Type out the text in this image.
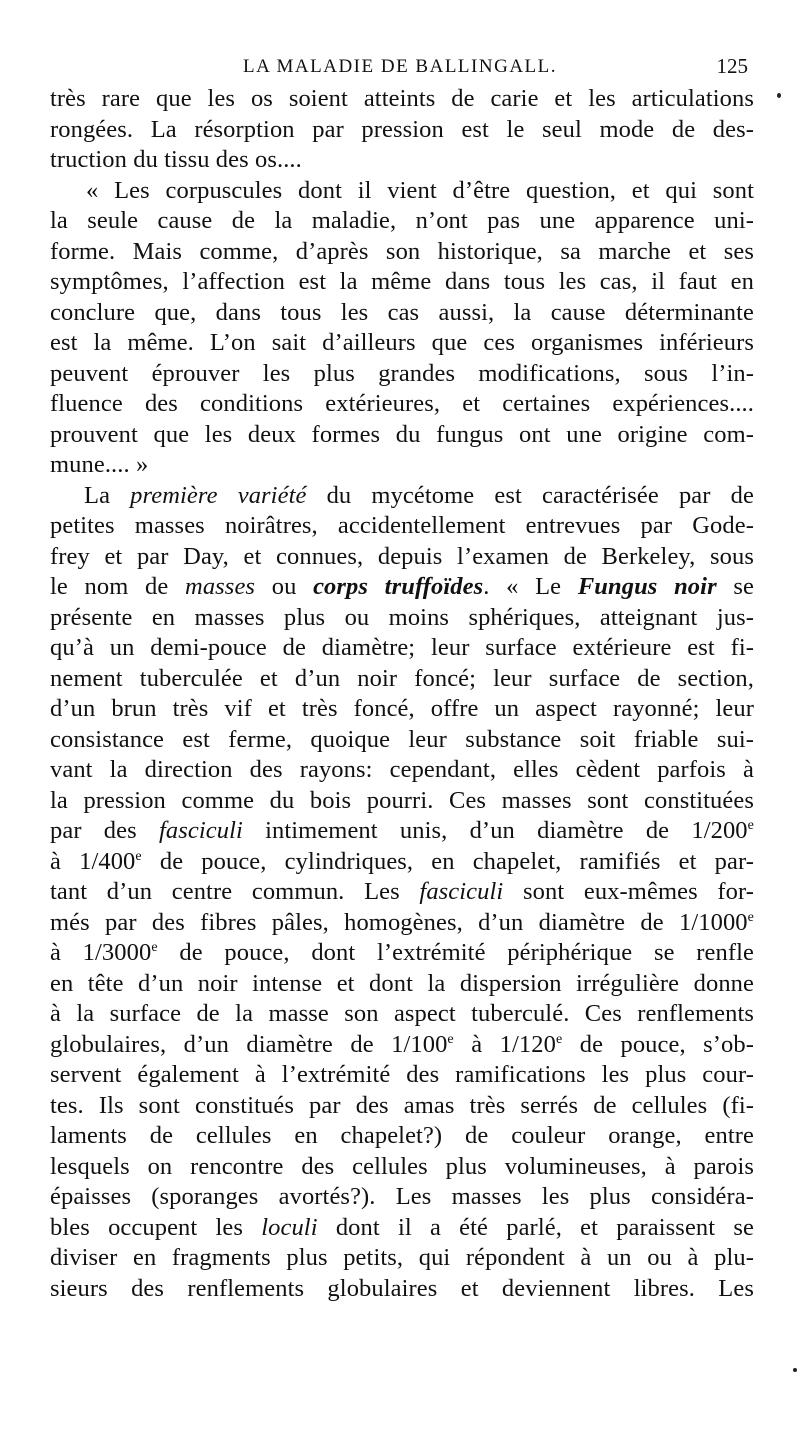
LA MALADIE DE BALLINGALL.	125
très rare que les os soient atteints de carie et les articulations
rongées. La résorption par pression est le seul mode de des-
truction du tissu des os....
« Les corpuscules dont il vient d’être question, et qui sont
la seule cause de la maladie, n’ont pas une apparence uni-
forme. Mais comme, d’après son historique, sa marche et ses
symptômes, l’affection est la même dans tous les cas, il faut en
conclure que, dans tous les cas aussi, la cause déterminante
est la même. L’on sait d’ailleurs que ces organismes inférieurs
peuvent éprouver les plus grandes modifications, sous l’in-
fluence des conditions extérieures, et certaines expériences....
prouvent que les deux formes du fungus ont une origine com-
mune.... »
La première variété du mycétome est caractérisée par de
petites masses noirâtres, accidentellement entrevues par Gode-
frey et par Day, et connues, depuis l’examen de Berkeley, sous
le nom de masses ou corps truffoïdes. « Le Fungus noir se
présente en masses plus ou moins sphériques, atteignant jus-
qu’à un demi-pouce de diamètre; leur surface extérieure est fi-
nement tuberculée et d’un noir foncé; leur surface de section,
d’un brun très vif et très foncé, offre un aspect rayonné; leur
consistance est ferme, quoique leur substance soit friable sui-
vant la direction des rayons: cependant, elles cèdent parfois à
la pression comme du bois pourri. Ces masses sont constituées
par des fasciculi intimement unis, d’un diamètre de 1/200e
à 1/400e de pouce, cylindriques, en chapelet, ramifiés et par-
tant d’un centre commun. Les fasciculi sont eux-mêmes for-
més par des fibres pâles, homogènes, d’un diamètre de 1/1000e
à 1/3000e de pouce, dont l’extrémité périphérique se renfle
en tête d’un noir intense et dont la dispersion irrégulière donne
à la surface de la masse son aspect tuberculé. Ces renflements
globulaires, d’un diamètre de 1/100e à 1/120e de pouce, s’ob-
servent également à l’extrémité des ramifications les plus cour-
tes. Ils sont constitués par des amas très serrés de cellules (fi-
laments de cellules en chapelet?) de couleur orange, entre
lesquels on rencontre des cellules plus volumineuses, à parois
épaisses (sporanges avortés?). Les masses les plus considéra-
bles occupent les loculi dont il a été parlé, et paraissent se
diviser en fragments plus petits, qui répondent à un ou à plu-
sieurs des renflements globulaires et deviennent libres. Les
